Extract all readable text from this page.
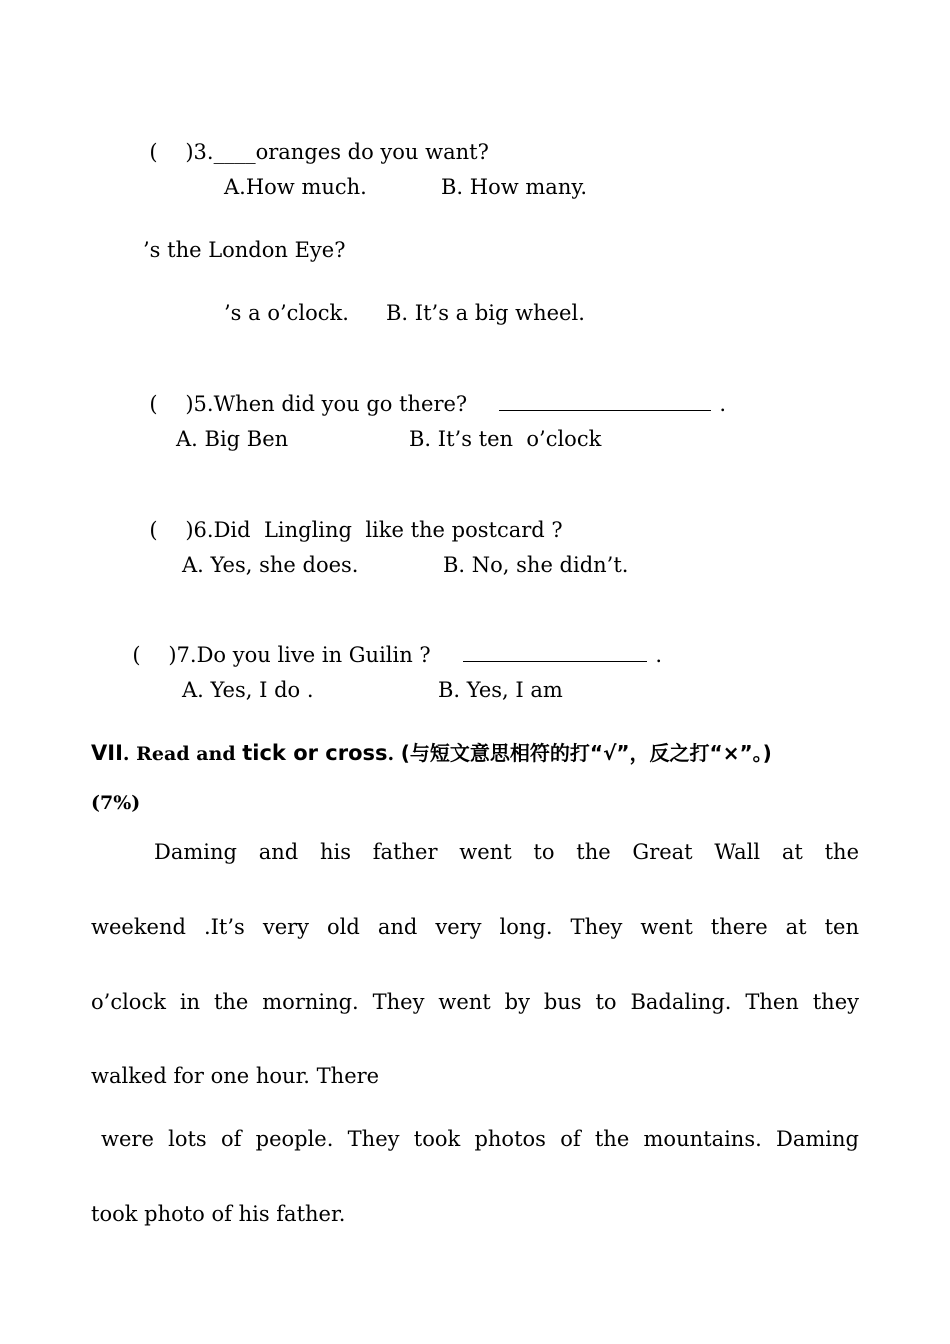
( )3.____oranges do you want?

A.How much.	B. How many.
’s the London Eye?
’s a o’clock. B. It’s a big wheel.

( )5.When did you go there?	.

A. Big Ben	B. It’s ten  o’clock

( )6.Did  Lingling  like the postcard ?

A. Yes, she does.	B. No, she didn’t.

( )7.Do you live in Guilin ?	.

A. Yes, I do .	B. Yes, I am
VII. Read and tick or cross. (与短文意思相符的打“√”，反之打“×”。)
(7%)
Daming and his father went to the Great Wall at the
weekend .It’s very old and very long. They went there at ten
o’clock in the morning. They went by bus to Badaling. Then they
walked for one hour. There
were lots of people. They took photos of the mountains. Daming
took photo of his father.
